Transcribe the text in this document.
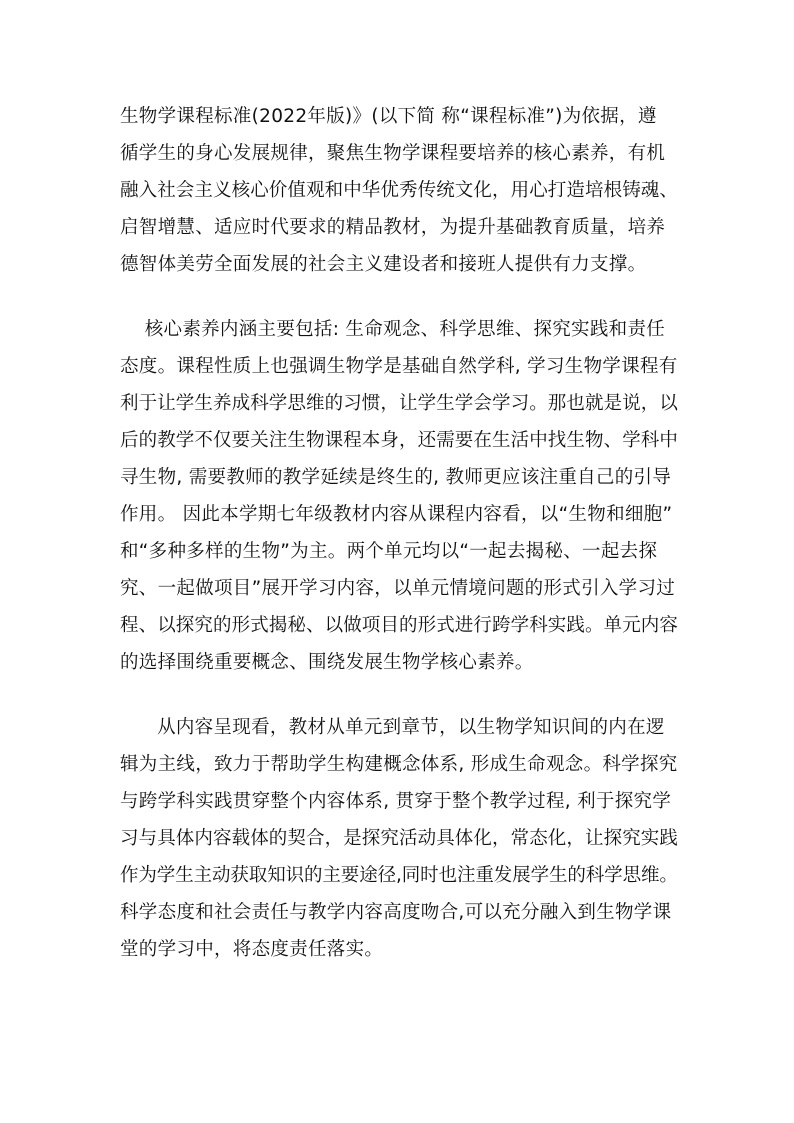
生物学课程标准(2022年版)》(以下简 称“课程标准”)为依据，遵
循学生的身心发展规律，聚焦生物学课程要培养的核心素养，有机
融入社会主义核心价值观和中华优秀传统文化，用心打造培根铸魂、
启智增慧、适应时代要求的精品教材，为提升基础教育质量，培养
德智体美劳全面发展的社会主义建设者和接班人提供有力支撑。
核心素养内涵主要包括: 生命观念、科学思维、探究实践和责任
态度。课程性质上也强调生物学是基础自然学科, 学习生物学课程有
利于让学生养成科学思维的习惯，让学生学会学习。那也就是说，以
后的教学不仅要关注生物课程本身，还需要在生活中找生物、学科中
寻生物, 需要教师的教学延续是终生的, 教师更应该注重自己的引导
作用。 因此本学期七年级教材内容从课程内容看，以“生物和细胞”
和“多种多样的生物”为主。两个单元均以“一起去揭秘、一起去探
究、一起做项目”展开学习内容，以单元情境问题的形式引入学习过
程、以探究的形式揭秘、以做项目的形式进行跨学科实践。单元内容
的选择围绕重要概念、围绕发展生物学核心素养。
从内容呈现看，教材从单元到章节，以生物学知识间的内在逻
辑为主线，致力于帮助学生构建概念体系, 形成生命观念。科学探究
与跨学科实践贯穿整个内容体系, 贯穿于整个教学过程, 利于探究学
习与具体内容载体的契合，是探究活动具体化，常态化，让探究实践
作为学生主动获取知识的主要途径,同时也注重发展学生的科学思维。
科学态度和社会责任与教学内容高度吻合,可以充分融入到生物学课
堂的学习中，将态度责任落实。
